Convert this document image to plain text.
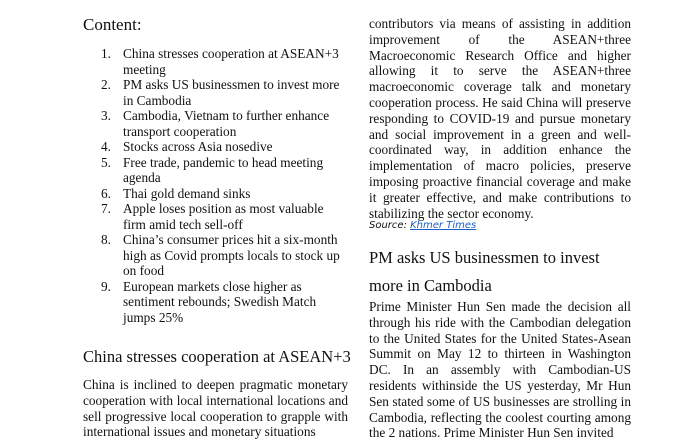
Content:
1. China stresses cooperation at ASEAN+3 meeting
2. PM asks US businessmen to invest more in Cambodia
3. Cambodia, Vietnam to further enhance transport cooperation
4. Stocks across Asia nosedive
5. Free trade, pandemic to head meeting agenda
6. Thai gold demand sinks
7. Apple loses position as most valuable firm amid tech sell-off
8. China’s consumer prices hit a six-month high as Covid prompts locals to stock up on food
9. European markets close higher as sentiment rebounds; Swedish Match jumps 25%
China stresses cooperation at ASEAN+3

China is inclined to deepen pragmatic monetary cooperation with local international locations and sell progressive local cooperation to grapple with international issues and monetary situations

contributors via means of assisting in addition improvement of the ASEAN+three Macroeconomic Research Office and higher allowing it to serve the ASEAN+three macroeconomic coverage talk and monetary cooperation process. He said China will preserve responding to COVID-19 and pursue monetary and social improvement in a green and well-coordinated way, in addition enhance the implementation of macro policies, preserve imposing proactive financial coverage and make it greater effective, and make contributions to stabilizing the sector economy.

Source: Khmer Times
PM asks US businessmen to invest more in Cambodia

Prime Minister Hun Sen made the decision all through his ride with the Cambodian delegation to the United States for the United States-Asean Summit on May 12 to thirteen in Washington DC. In an assembly with Cambodian-US residents withinside the US yesterday, Mr Hun Sen stated some of US businesses are strolling in Cambodia, reflecting the coolest courting among the 2 nations. Prime Minister Hun Sen invited
